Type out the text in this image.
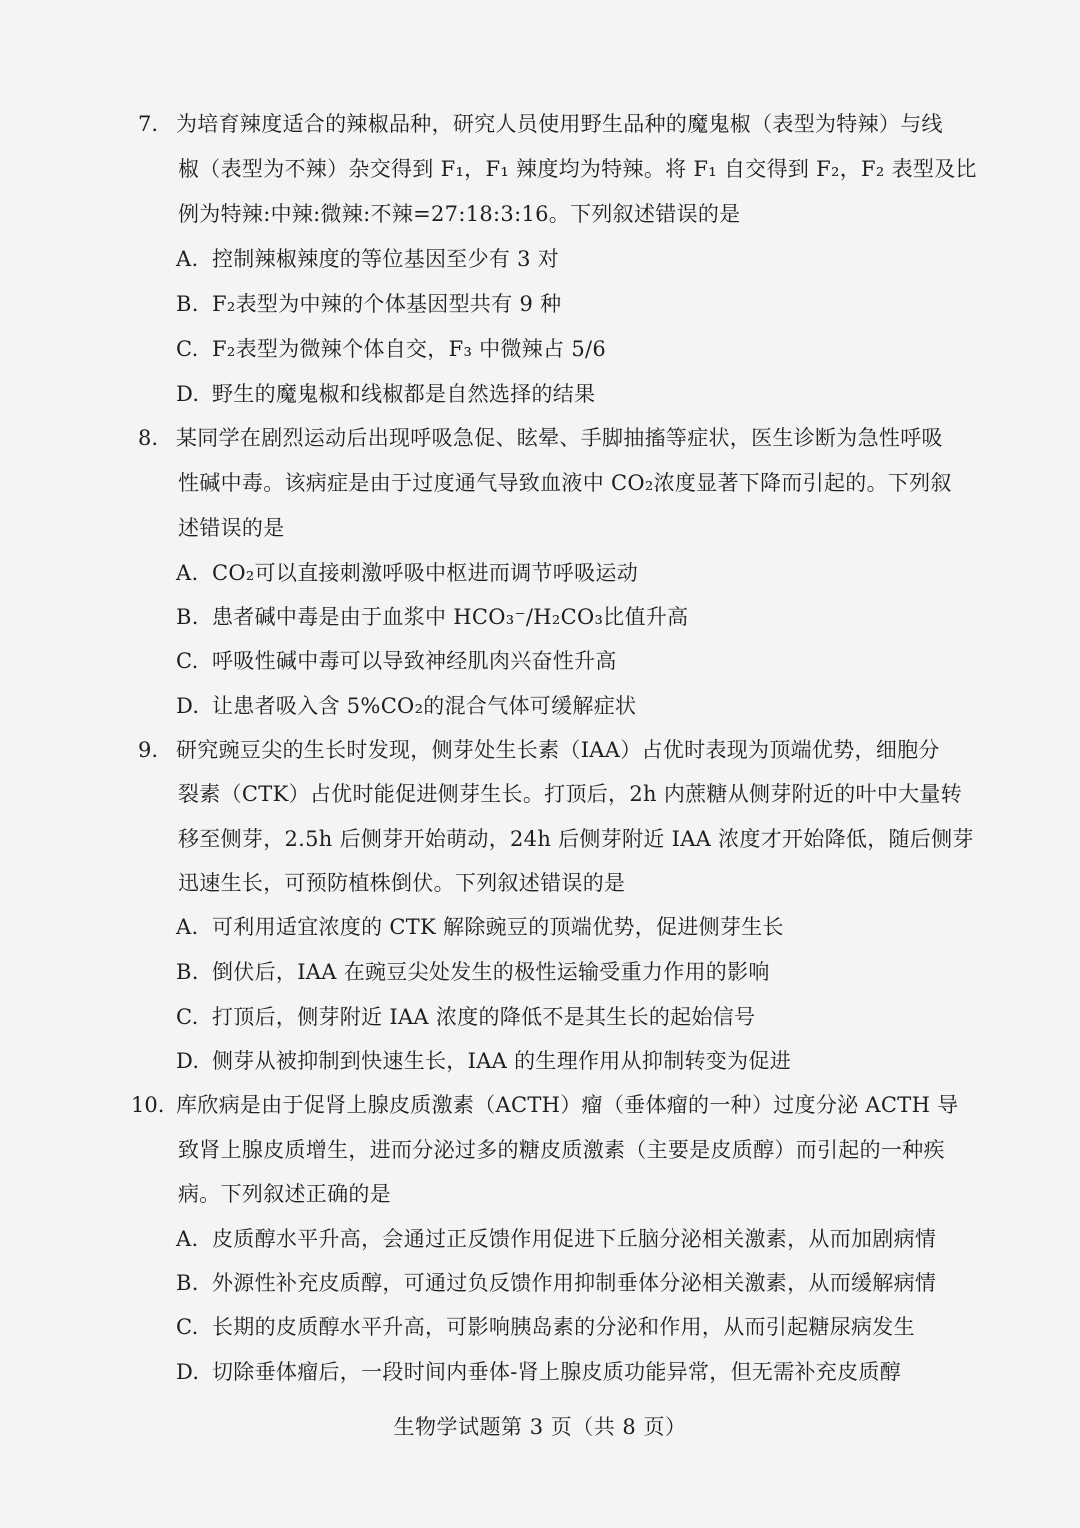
7. 为培育辣度适合的辣椒品种，研究人员使用野生品种的魔鬼椒（表型为特辣）与线
椒（表型为不辣）杂交得到 F₁，F₁ 辣度均为特辣。将 F₁ 自交得到 F₂，F₂ 表型及比
例为特辣:中辣:微辣:不辣=27:18:3:16。下列叙述错误的是
A. 控制辣椒辣度的等位基因至少有 3 对
B. F₂表型为中辣的个体基因型共有 9 种
C. F₂表型为微辣个体自交，F₃ 中微辣占 5/6
D. 野生的魔鬼椒和线椒都是自然选择的结果
8. 某同学在剧烈运动后出现呼吸急促、眩晕、手脚抽搐等症状，医生诊断为急性呼吸
性碱中毒。该病症是由于过度通气导致血液中 CO₂浓度显著下降而引起的。下列叙
述错误的是
A. CO₂可以直接刺激呼吸中枢进而调节呼吸运动
B. 患者碱中毒是由于血浆中 HCO₃⁻/H₂CO₃比值升高
C. 呼吸性碱中毒可以导致神经肌肉兴奋性升高
D. 让患者吸入含 5%CO₂的混合气体可缓解症状
9. 研究豌豆尖的生长时发现，侧芽处生长素（IAA）占优时表现为顶端优势，细胞分
裂素（CTK）占优时能促进侧芽生长。打顶后，2h 内蔗糖从侧芽附近的叶中大量转
移至侧芽，2.5h 后侧芽开始萌动，24h 后侧芽附近 IAA 浓度才开始降低，随后侧芽
迅速生长，可预防植株倒伏。下列叙述错误的是
A. 可利用适宜浓度的 CTK 解除豌豆的顶端优势，促进侧芽生长
B. 倒伏后，IAA 在豌豆尖处发生的极性运输受重力作用的影响
C. 打顶后，侧芽附近 IAA 浓度的降低不是其生长的起始信号
D. 侧芽从被抑制到快速生长，IAA 的生理作用从抑制转变为促进
10. 库欣病是由于促肾上腺皮质激素（ACTH）瘤（垂体瘤的一种）过度分泌 ACTH 导
致肾上腺皮质增生，进而分泌过多的糖皮质激素（主要是皮质醇）而引起的一种疾
病。下列叙述正确的是
A. 皮质醇水平升高，会通过正反馈作用促进下丘脑分泌相关激素，从而加剧病情
B. 外源性补充皮质醇，可通过负反馈作用抑制垂体分泌相关激素，从而缓解病情
C. 长期的皮质醇水平升高，可影响胰岛素的分泌和作用，从而引起糖尿病发生
D. 切除垂体瘤后，一段时间内垂体-肾上腺皮质功能异常，但无需补充皮质醇
生物学试题第 3 页（共 8 页）
